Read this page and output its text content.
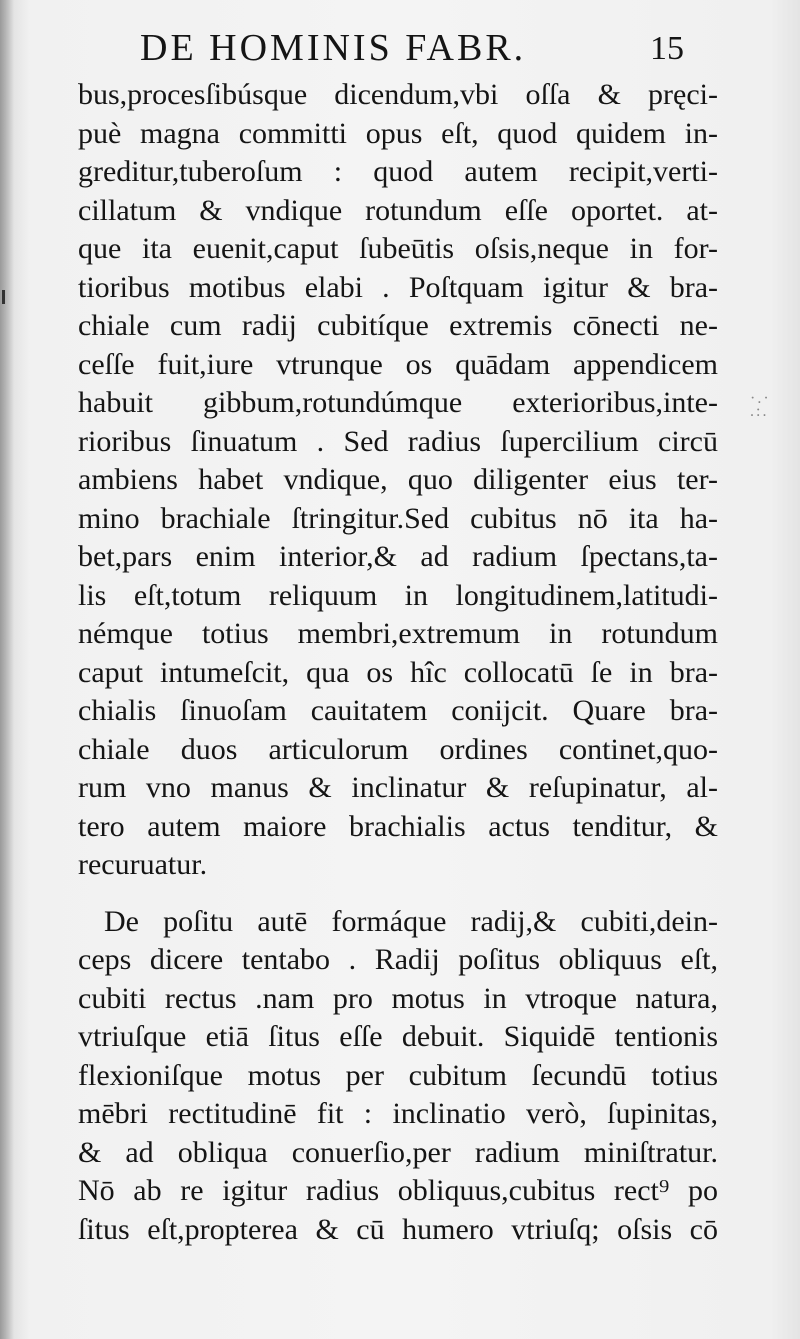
DE HOMINIS FABR.	15
·.·
.:.
bus,procesſibúsque dicendum,vbi oſſa & pręci-
puè magna committi opus eſt, quod quidem in-
greditur,tuberoſum : quod autem recipit,verti-
cillatum & vndique rotundum eſſe oportet. at-
que ita euenit,caput ſubeūtis oſsis,neque in for-
tioribus motibus elabi . Poſtquam igitur & bra-
chiale cum radij cubitíque extremis cōnecti ne-
ceſſe fuit,iure vtrunque os quādam appendicem
habuit gibbum,rotundúmque exterioribus,inte-
rioribus ſinuatum . Sed radius ſupercilium circū
ambiens habet vndique, quo diligenter eius ter-
mino brachiale ſtringitur.Sed cubitus nō ita ha-
bet,pars enim interior,& ad radium ſpectans,ta-
lis eſt,totum reliquum in longitudinem,latitudi-
némque totius membri,extremum in rotundum
caput intumeſcit, qua os hîc collocatū ſe in bra-
chialis ſinuoſam cauitatem conijcit. Quare bra-
chiale duos articulorum ordines continet,quo-
rum vno manus & inclinatur & reſupinatur, al-
tero autem maiore brachialis actus tenditur, &
recuruatur.
De poſitu autē formáque radij,& cubiti,dein-
ceps dicere tentabo . Radij poſitus obliquus eſt,
cubiti rectus .nam pro motus in vtroque natura,
vtriuſque etiā ſitus eſſe debuit. Siquidē tentionis
flexioniſque motus per cubitum ſecundū totius
mēbri rectitudinē fit : inclinatio verò, ſupinitas,
& ad obliqua conuerſio,per radium miniſtratur.
Nō ab re igitur radius obliquus,cubitus rect⁹ po
ſitus eſt,propterea & cū humero vtriuſq; oſsis cō
